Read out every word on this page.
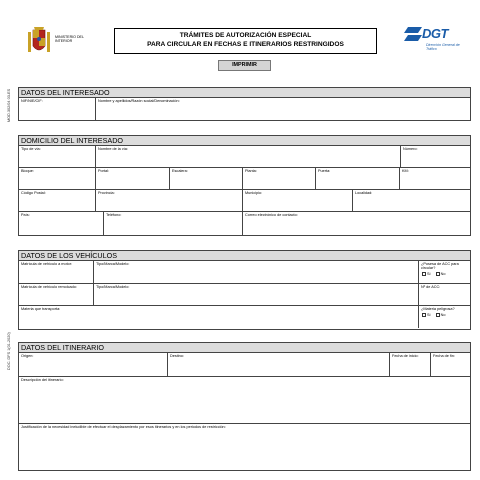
MINISTERIO DEL INTERIOR
TRÁMITES DE AUTORIZACIÓN ESPECIAL
PARA CIRCULAR EN FECHAS E ITINERARIOS RESTRINGIDOS
DGT
Dirección General de Tráfico
IMPRIMIR
MOD.302/04 03-ES
DOC. DFS 1(01-2020)
DATOS DEL INTERESADO
NIF/NIE/CIF:	Nombre y apellidos/Razón social/Denominación:
DOMICILIO DEL INTERESADO
Tipo de vía:	Nombre de la vía:	Número:
Bloque:	Portal:	Escalera:	Planta:	Puerta:	KM:
Código Postal:	Provincia:	Municipio:	Localidad:
País:	Teléfono:	Correo electrónico de contacto:
DATOS DE LOS VEHÍCULOS
Matrícula de vehículo a motor:	Tipo/Marca/Modelo:	¿Posesa de ACC para circular?
Sí	No
Matrícula de vehículo remolcado:	Tipo/Marca/Modelo:	Nº de ACC:
Materia que transporta:	¿Materia peligrosa?
Sí	No
DATOS DEL ITINERARIO
Origen:	Destino:	Fecha de inicio:	Fecha de fin:
Descripción del itinerario:
Justificación de la necesidad ineludible de efectuar el desplazamiento por esos itinerarios y en los periodos de restricción:
